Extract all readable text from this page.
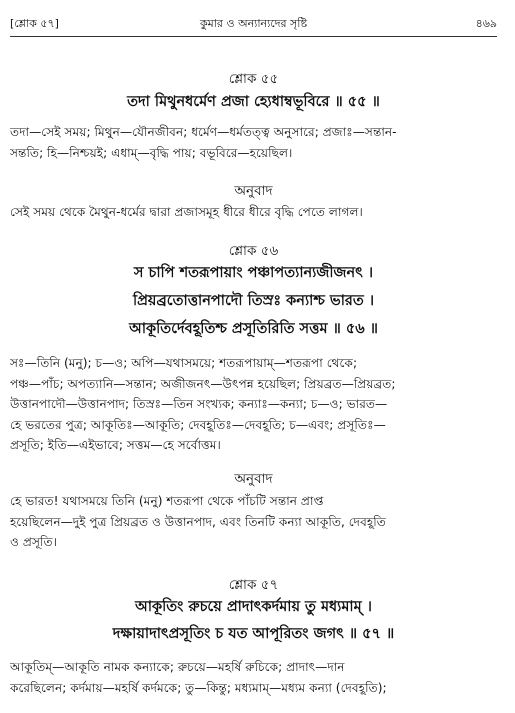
[শ্লোক ৫৭]	কুমার ও অন্যান্যদের সৃষ্টি	৪৬৯
শ্লোক ৫৫
তদা মিথুনধর্মেণ প্রজা হ্যেধাম্বভূবিরে ॥ ৫৫ ॥
তদা—সেই সময়; মিথুন—যৌনজীবন; ধর্মেণ—ধর্মতত্ত্ব অনুসারে; প্রজাঃ—সন্তান-
সন্ততি; হি—নিশ্চয়ই; এধাম্—বৃদ্ধি পায়; বভূবিরে—হয়েছিল।
অনুবাদ
সেই সময় থেকে মৈথুন-ধর্মের দ্বারা প্রজাসমূহ ধীরে ধীরে বৃদ্ধি পেতে লাগল।
শ্লোক ৫৬
স চাপি শতরূপায়াং পঞ্চাপত্যান্যজীজনৎ ।
প্রিয়ব্রতোত্তানপাদৌ তিস্রঃ কন্যাশ্চ ভারত ।
আকূতির্দেবহূতিশ্চ প্রসূতিরিতি সত্তম ॥ ৫৬ ॥
সঃ—তিনি (মনু); চ—ও; অপি—যথাসময়ে; শতরূপায়াম্—শতরূপা থেকে;
পঞ্চ—পাঁচ; অপত্যানি—সন্তান; অজীজনৎ—উৎপন্ন হয়েছিল; প্রিয়ব্রত—প্রিয়ব্রত;
উত্তানপাদৌ—উত্তানপাদ; তিস্রঃ—তিন সংখ্যক; কন্যাঃ—কন্যা; চ—ও; ভারত—
হে ভরতের পুত্র; আকূতিঃ—আকূতি; দেবহূতিঃ—দেবহূতি; চ—এবং; প্রসূতিঃ—
প্রসূতি; ইতি—এইভাবে; সত্তম—হে সর্বোত্তম।
অনুবাদ
হে ভারত! যথাসময়ে তিনি (মনু) শতরূপা থেকে পাঁচটি সন্তান প্রাপ্ত
হয়েছিলেন—দুই পুত্র প্রিয়ব্রত ও উত্তানপাদ, এবং তিনটি কন্যা আকূতি, দেবহূতি
ও প্রসূতি।
শ্লোক ৫৭
আকূতিং রুচয়ে প্রাদাৎকর্দমায় তু মধ্যমাম্ ।
দক্ষায়াদাৎপ্রসূতিং চ যত আপূরিতং জগৎ ॥ ৫৭ ॥
আকূতিম্—আকূতি নামক কন্যাকে; রুচয়ে—মহর্ষি রুচিকে; প্রাদাৎ—দান
করেছিলেন; কর্দমায়—মহর্ষি কর্দমকে; তু—কিন্তু; মধ্যমাম্—মধ্যম কন্যা (দেবহূতি);
